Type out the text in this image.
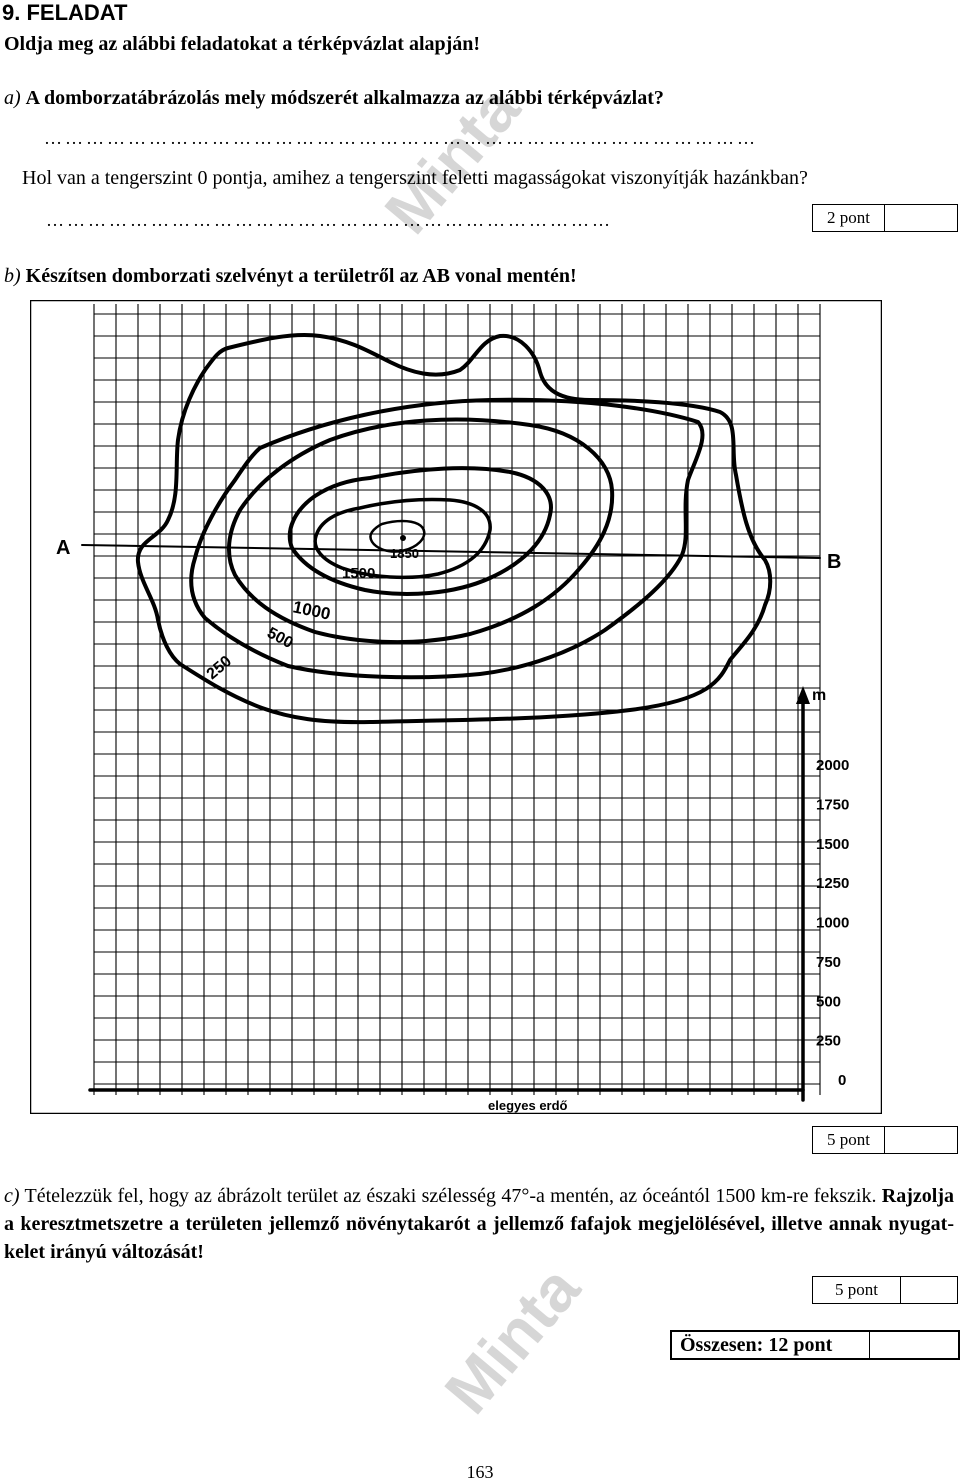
Minta
Minta
9. FELADAT
Oldja meg az alábbi feladatokat a térképvázlat alapján!
a) A domborzatábrázolás mely módszerét alkalmazza az alábbi térképvázlat?
…………………………………………………………………………………………
Hol van a tengerszint 0 pontja, amihez a tengerszint feletti magasságokat viszonyítják hazánkban?
………………………………………………………………………	2 pont
b) Készítsen domborzati szelvényt a területről az AB vonal mentén!
A
B
1850
1500
1000
500
250
m
2000
1750
1500
1250
1000
750
500
250
0
elegyes erdő
5 pont
c) Tételezzük fel, hogy az ábrázolt terület az északi szélesség 47°-a mentén, az óceántól 1500 km-re fekszik. Rajzolja a keresztmetszetre a területen jellemző növénytakarót a jellemző fafajok megjelölésével, illetve annak nyugat-kelet irányú változását!
5 pont
Összesen: 12 pont
163
